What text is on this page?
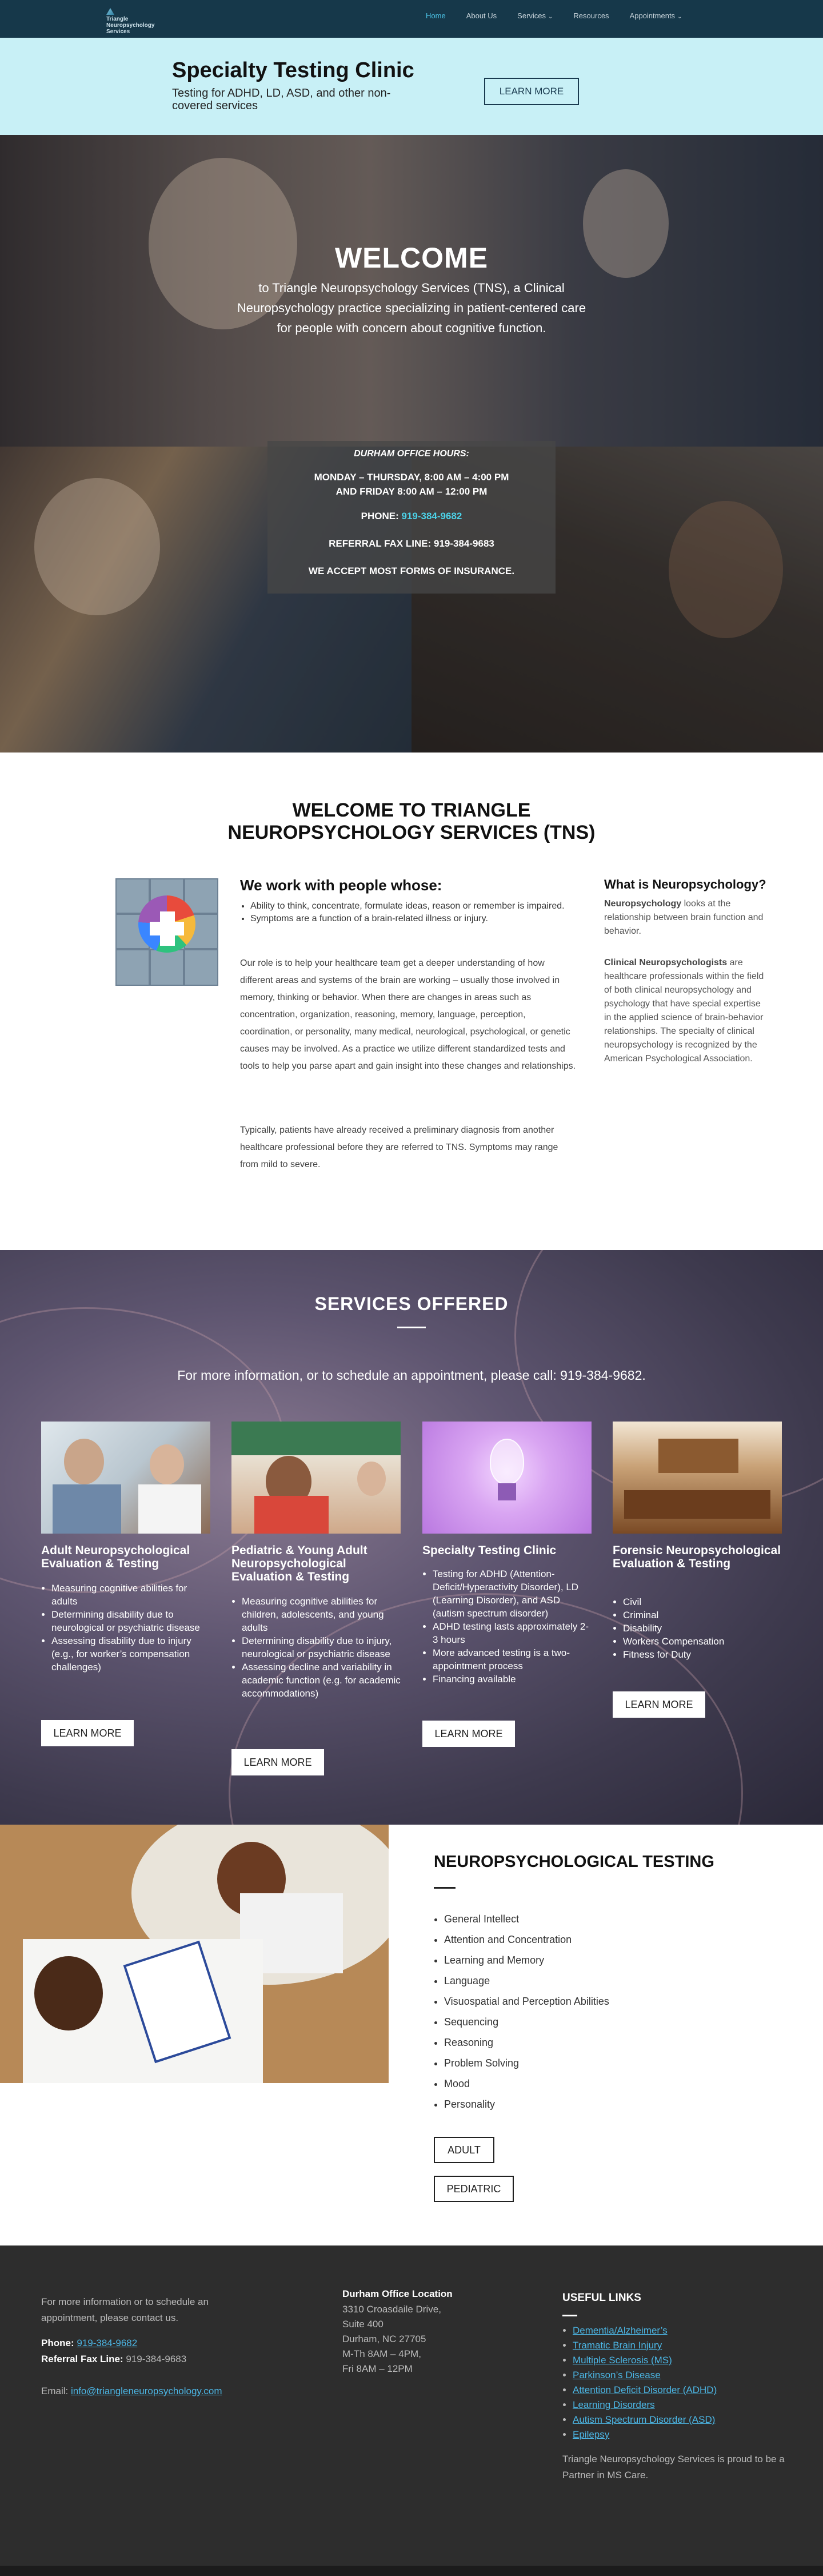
Triangle Neuropsychology Services
Home	About Us	Services ⌄	Resources	Appointments ⌄
Specialty Testing Clinic

Testing for ADHD, LD, ASD, and other non-covered services

LEARN MORE
WELCOME

to Triangle Neuropsychology Services (TNS), a Clinical Neuropsychology practice specializing in patient-centered care for people with concern about cognitive function.

DURHAM OFFICE HOURS:
MONDAY – THURSDAY, 8:00 AM – 4:00 PM
AND FRIDAY 8:00 AM – 12:00 PM
PHONE: 919-384-9682
REFERRAL FAX LINE: 919-384-9683
WE ACCEPT MOST FORMS OF INSURANCE.
WELCOME TO TRIANGLE
NEUROPSYCHOLOGY SERVICES (TNS)
We work with people whose:
• Ability to think, concentrate, formulate ideas, reason or remember is impaired.
• Symptoms are a function of a brain-related illness or injury.

Our role is to help your healthcare team get a deeper understanding of how different areas and systems of the brain are working – usually those involved in memory, thinking or behavior. When there are changes in areas such as concentration, organization, reasoning, memory, language, perception, coordination, or personality, many medical, neurological, psychological, or genetic causes may be involved. As a practice we utilize different standardized tests and tools to help you parse apart and gain insight into these changes and relationships.

Typically, patients have already received a preliminary diagnosis from another healthcare professional before they are referred to TNS. Symptoms may range from mild to severe.

What is Neuropsychology?

Neuropsychology looks at the relationship between brain function and behavior.

Clinical Neuropsychologists are healthcare professionals within the field of both clinical neuropsychology and psychology that have special expertise in the applied science of brain-behavior relationships. The specialty of clinical neuropsychology is recognized by the American Psychological Association.

SERVICES OFFERED

For more information, or to schedule an appointment, please call: 919-384-9682.

Adult Neuropsychological Evaluation & Testing
• Measuring cognitive abilities for adults
• Determining disability due to neurological or psychiatric disease
• Assessing disability due to injury (e.g., for worker’s compensation challenges)
LEARN MORE
Pediatric & Young Adult Neuropsychological Evaluation & Testing
• Measuring cognitive abilities for children, adolescents, and young adults
• Determining disability due to injury, neurological or psychiatric disease
• Assessing decline and variability in academic function (e.g. for academic accommodations)
LEARN MORE
Specialty Testing Clinic
• Testing for ADHD (Attention-Deficit/Hyperactivity Disorder), LD (Learning Disorder), and ASD (autism spectrum disorder)
• ADHD testing lasts approximately 2-3 hours
• More advanced testing is a two-appointment process
• Financing available
LEARN MORE
Forensic Neuropsychological Evaluation & Testing
• Civil
• Criminal
• Disability
• Workers Compensation
• Fitness for Duty
LEARN MORE
NEUROPSYCHOLOGICAL TESTING
• General Intellect
• Attention and Concentration
• Learning and Memory
• Language
• Visuospatial and Perception Abilities
• Sequencing
• Reasoning
• Problem Solving
• Mood
• Personality
ADULT
PEDIATRIC

For more information or to schedule an appointment, please contact us.

Phone: 919-384-9682

Referral Fax Line: 919-384-9683

Email: info@triangleneuropsychology.com

Durham Office Location

3310 Croasdaile Drive,
Suite 400
Durham, NC 27705
M-Th 8AM – 4PM,
Fri 8AM – 12PM

USEFUL LINKS
• Dementia/Alzheimer’s
• Tramatic Brain Injury
• Multiple Sclerosis (MS)
• Parkinson’s Disease
• Attention Deficit Disorder (ADHD)
• Learning Disorders
• Autism Spectrum Disorder (ASD)
• Epilepsy

Triangle Neuropsychology Services is proud to be a Partner in MS Care.
